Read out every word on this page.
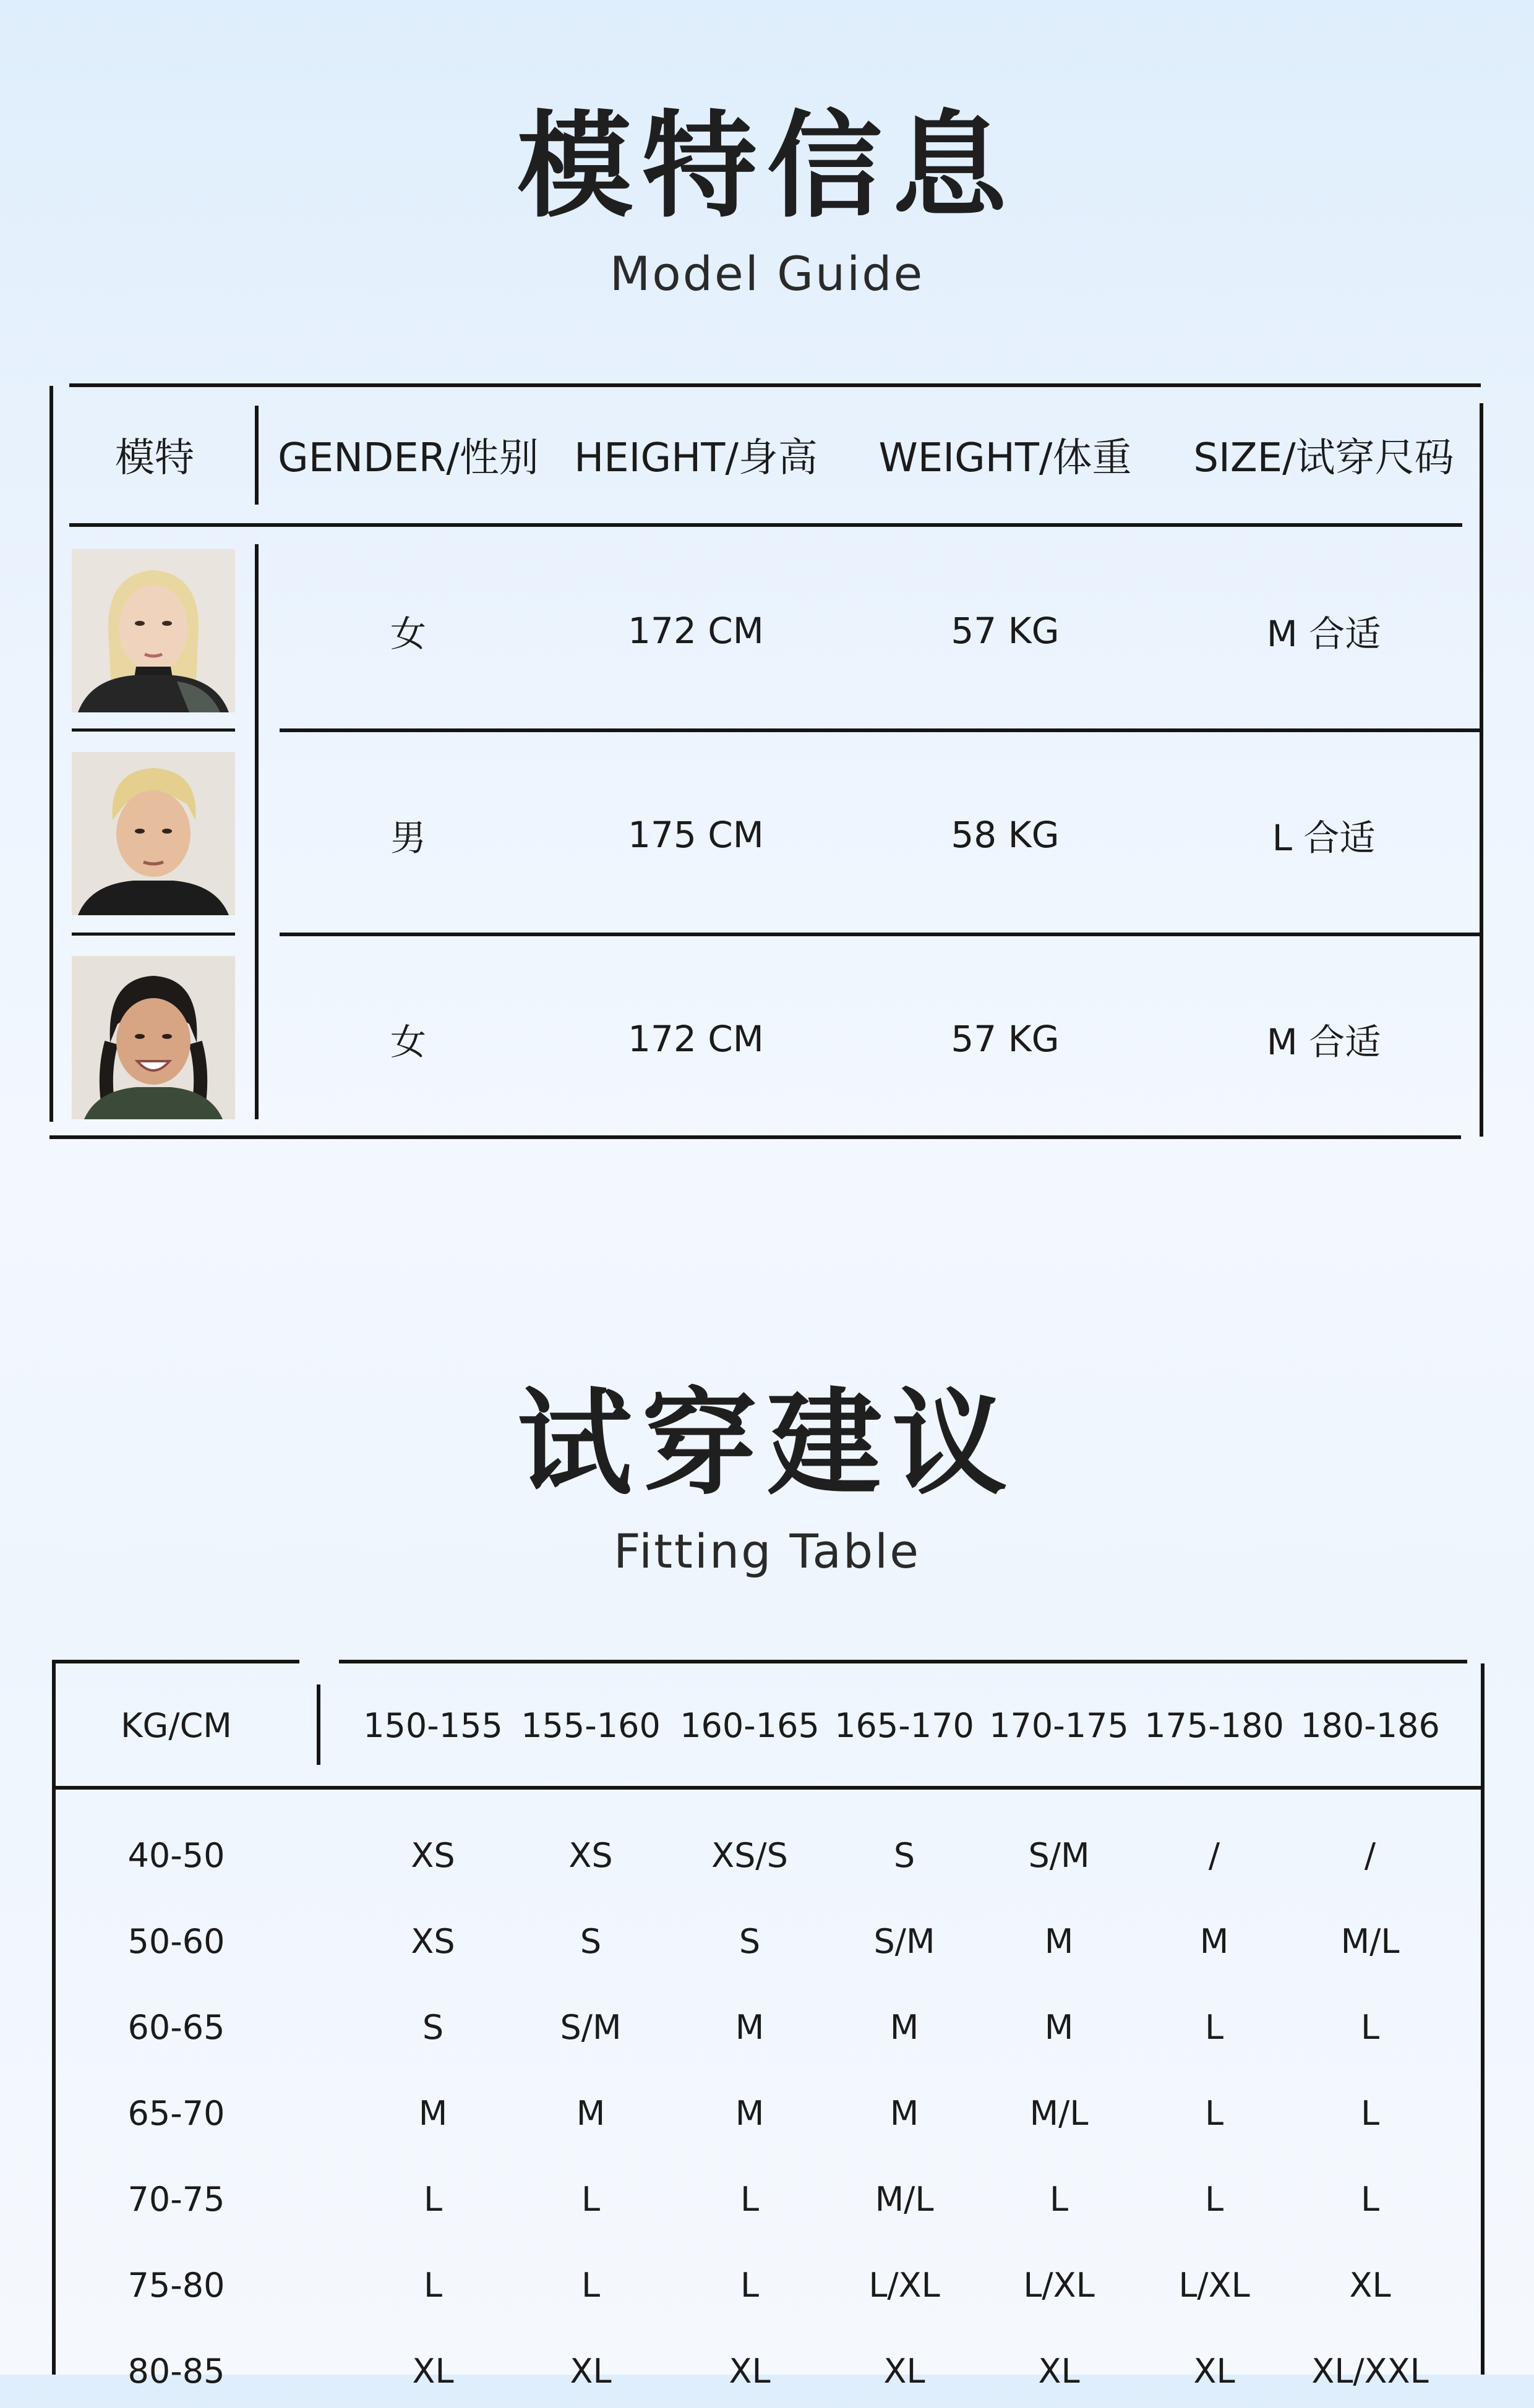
模特信息
Model Guide
模特	GENDER/性别 HEIGHT/身高	WEIGHT/体重	SIZE/试穿尺码
女	172 CM	57 KG	M 合适
男	175 CM	58 KG	L 合适
女	172 CM	57 KG	M 合适
试穿建议
Fitting Table
KG/CM	150-155 155-160 160-165 165-170 170-175 175-180 180-186
40-50	XS	XS	XS/S	S	S/M	/	/
50-60	XS	S	S	S/M	M	M	M/L
60-65	S	S/M	M	M	M	L	L
65-70	M	M	M	M	M/L	L	L
70-75	L	L	L	M/L	L	L	L
75-80	L	L	L	L/XL	L/XL	L/XL	XL
80-85	XL	XL	XL	XL	XL	XL	XL/XXL
